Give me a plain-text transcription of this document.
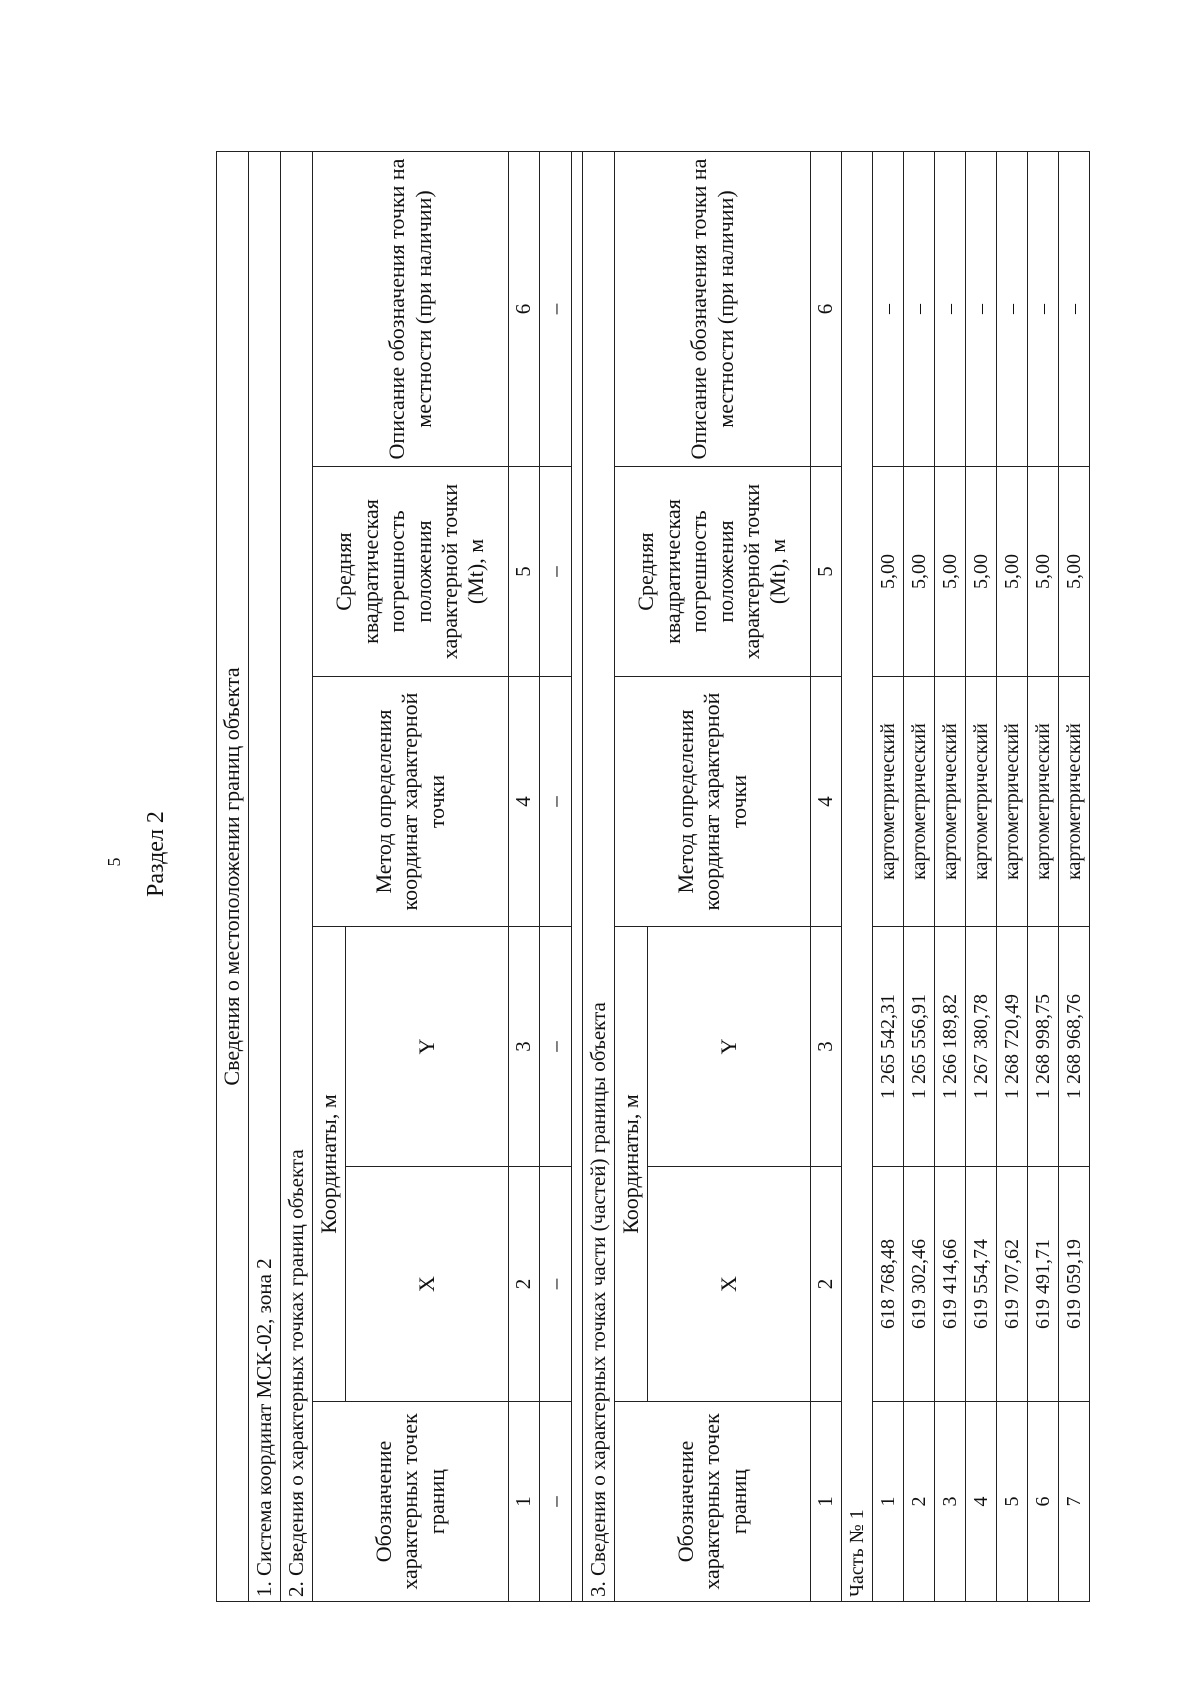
5 Раздел 2 Сведения о местоположении границ объекта					
1. Система координат МСК-02, зона 2					
2. Сведения о характерных точках границ объекта					
Обозначение характерных точек границ	Координаты, м		Метод определения координат характерной точки	Средняя квадратическая погрешность положения характерной точки (Mt), м	Описание обозначения точки на местности (при наличии)
	X	Y			
1	2	3	4	5	6
–	–	–	–	–	–

3. Сведения о характерных точках части (частей) границы объекта					
Обозначение характерных точек границ	Координаты, м		Метод определения координат характерной точки	Средняя квадратическая погрешность положения характерной точки (Mt), м	Описание обозначения точки на местности (при наличии)
	X	Y			
1	2	3	4	5	6
Часть № 1					
1	618 768,48	1 265 542,31	картометрический	5,00	–
2	619 302,46	1 265 556,91	картометрический	5,00	–
3	619 414,66	1 266 189,82	картометрический	5,00	–
4	619 554,74	1 267 380,78	картометрический	5,00	–
5	619 707,62	1 268 720,49	картометрический	5,00	–
6	619 491,71	1 268 998,75	картометрический	5,00	–
7	619 059,19	1 268 968,76	картометрический	5,00	–
